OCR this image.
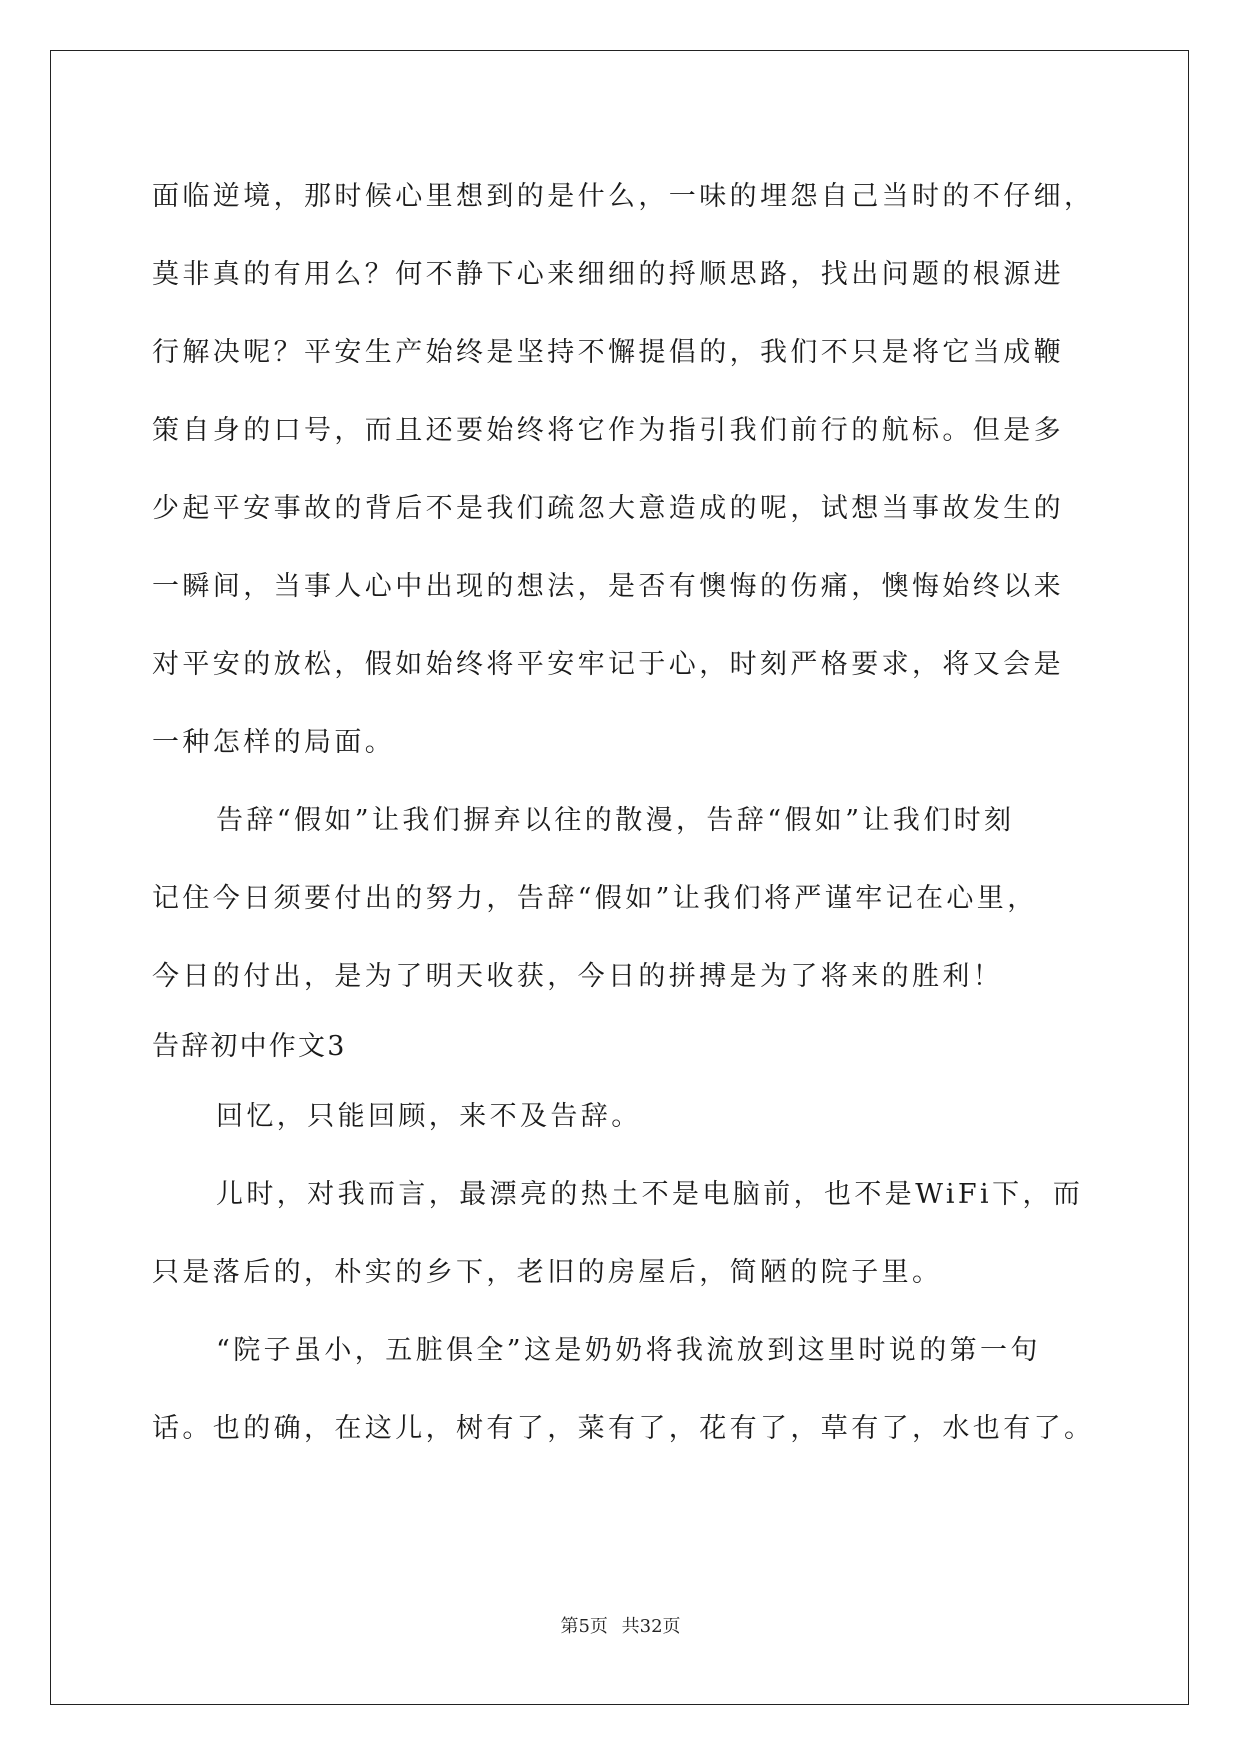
面临逆境，那时候心里想到的是什么，一味的埋怨自己当时的不仔细，
莫非真的有用么？何不静下心来细细的捋顺思路，找出问题的根源进
行解决呢？平安生产始终是坚持不懈提倡的，我们不只是将它当成鞭
策自身的口号，而且还要始终将它作为指引我们前行的航标。但是多
少起平安事故的背后不是我们疏忽大意造成的呢，试想当事故发生的
一瞬间，当事人心中出现的想法，是否有懊悔的伤痛，懊悔始终以来
对平安的放松，假如始终将平安牢记于心，时刻严格要求，将又会是
一种怎样的局面。
告辞“假如”让我们摒弃以往的散漫，告辞“假如”让我们时刻
记住今日须要付出的努力，告辞“假如”让我们将严谨牢记在心里，
今日的付出，是为了明天收获，今日的拼搏是为了将来的胜利！
告辞初中作文3
回忆，只能回顾，来不及告辞。
儿时，对我而言，最漂亮的热土不是电脑前，也不是WiFi下，而
只是落后的，朴实的乡下，老旧的房屋后，简陋的院子里。
“院子虽小，五脏俱全”这是奶奶将我流放到这里时说的第一句
话。也的确，在这儿，树有了，菜有了，花有了，草有了，水也有了。
第5页 共32页
